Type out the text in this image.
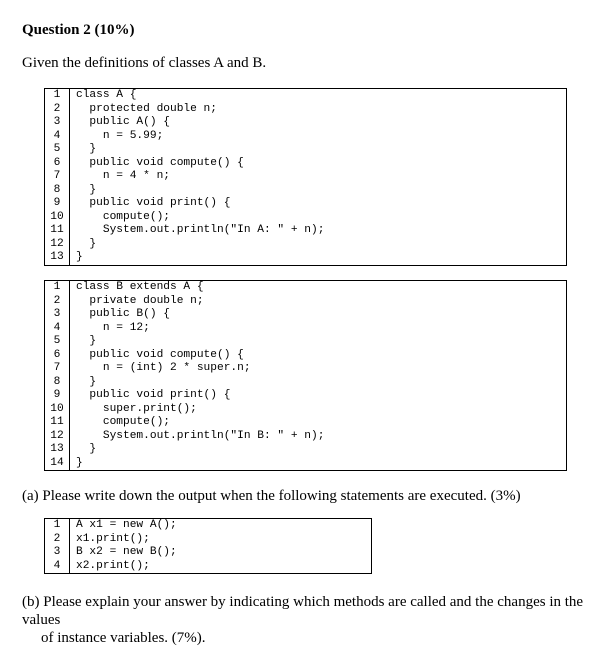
Question 2 (10%)
Given the definitions of classes A and B.
1	class A {
2	protected double n;
3	public A() {
4	n = 5.99;
5	}
6	public void compute() {
7	n = 4 * n;
8	}
9	public void print() {
10	compute();
11	System.out.println("In A: " + n);
12	}
13	}
1	class B extends A {
2	private double n;
3	public B() {
4	n = 12;
5	}
6	public void compute() {
7	n = (int) 2 * super.n;
8	}
9	public void print() {
10	super.print();
11	compute();
12	System.out.println("In B: " + n);
13	}
14	}
(a) Please write down the output when the following statements are executed. (3%)
1	A x1 = new A();
2	x1.print();
3	B x2 = new B();
4	x2.print();
(b) Please explain your answer by indicating which methods are called and the changes in the values
of instance variables. (7%).
